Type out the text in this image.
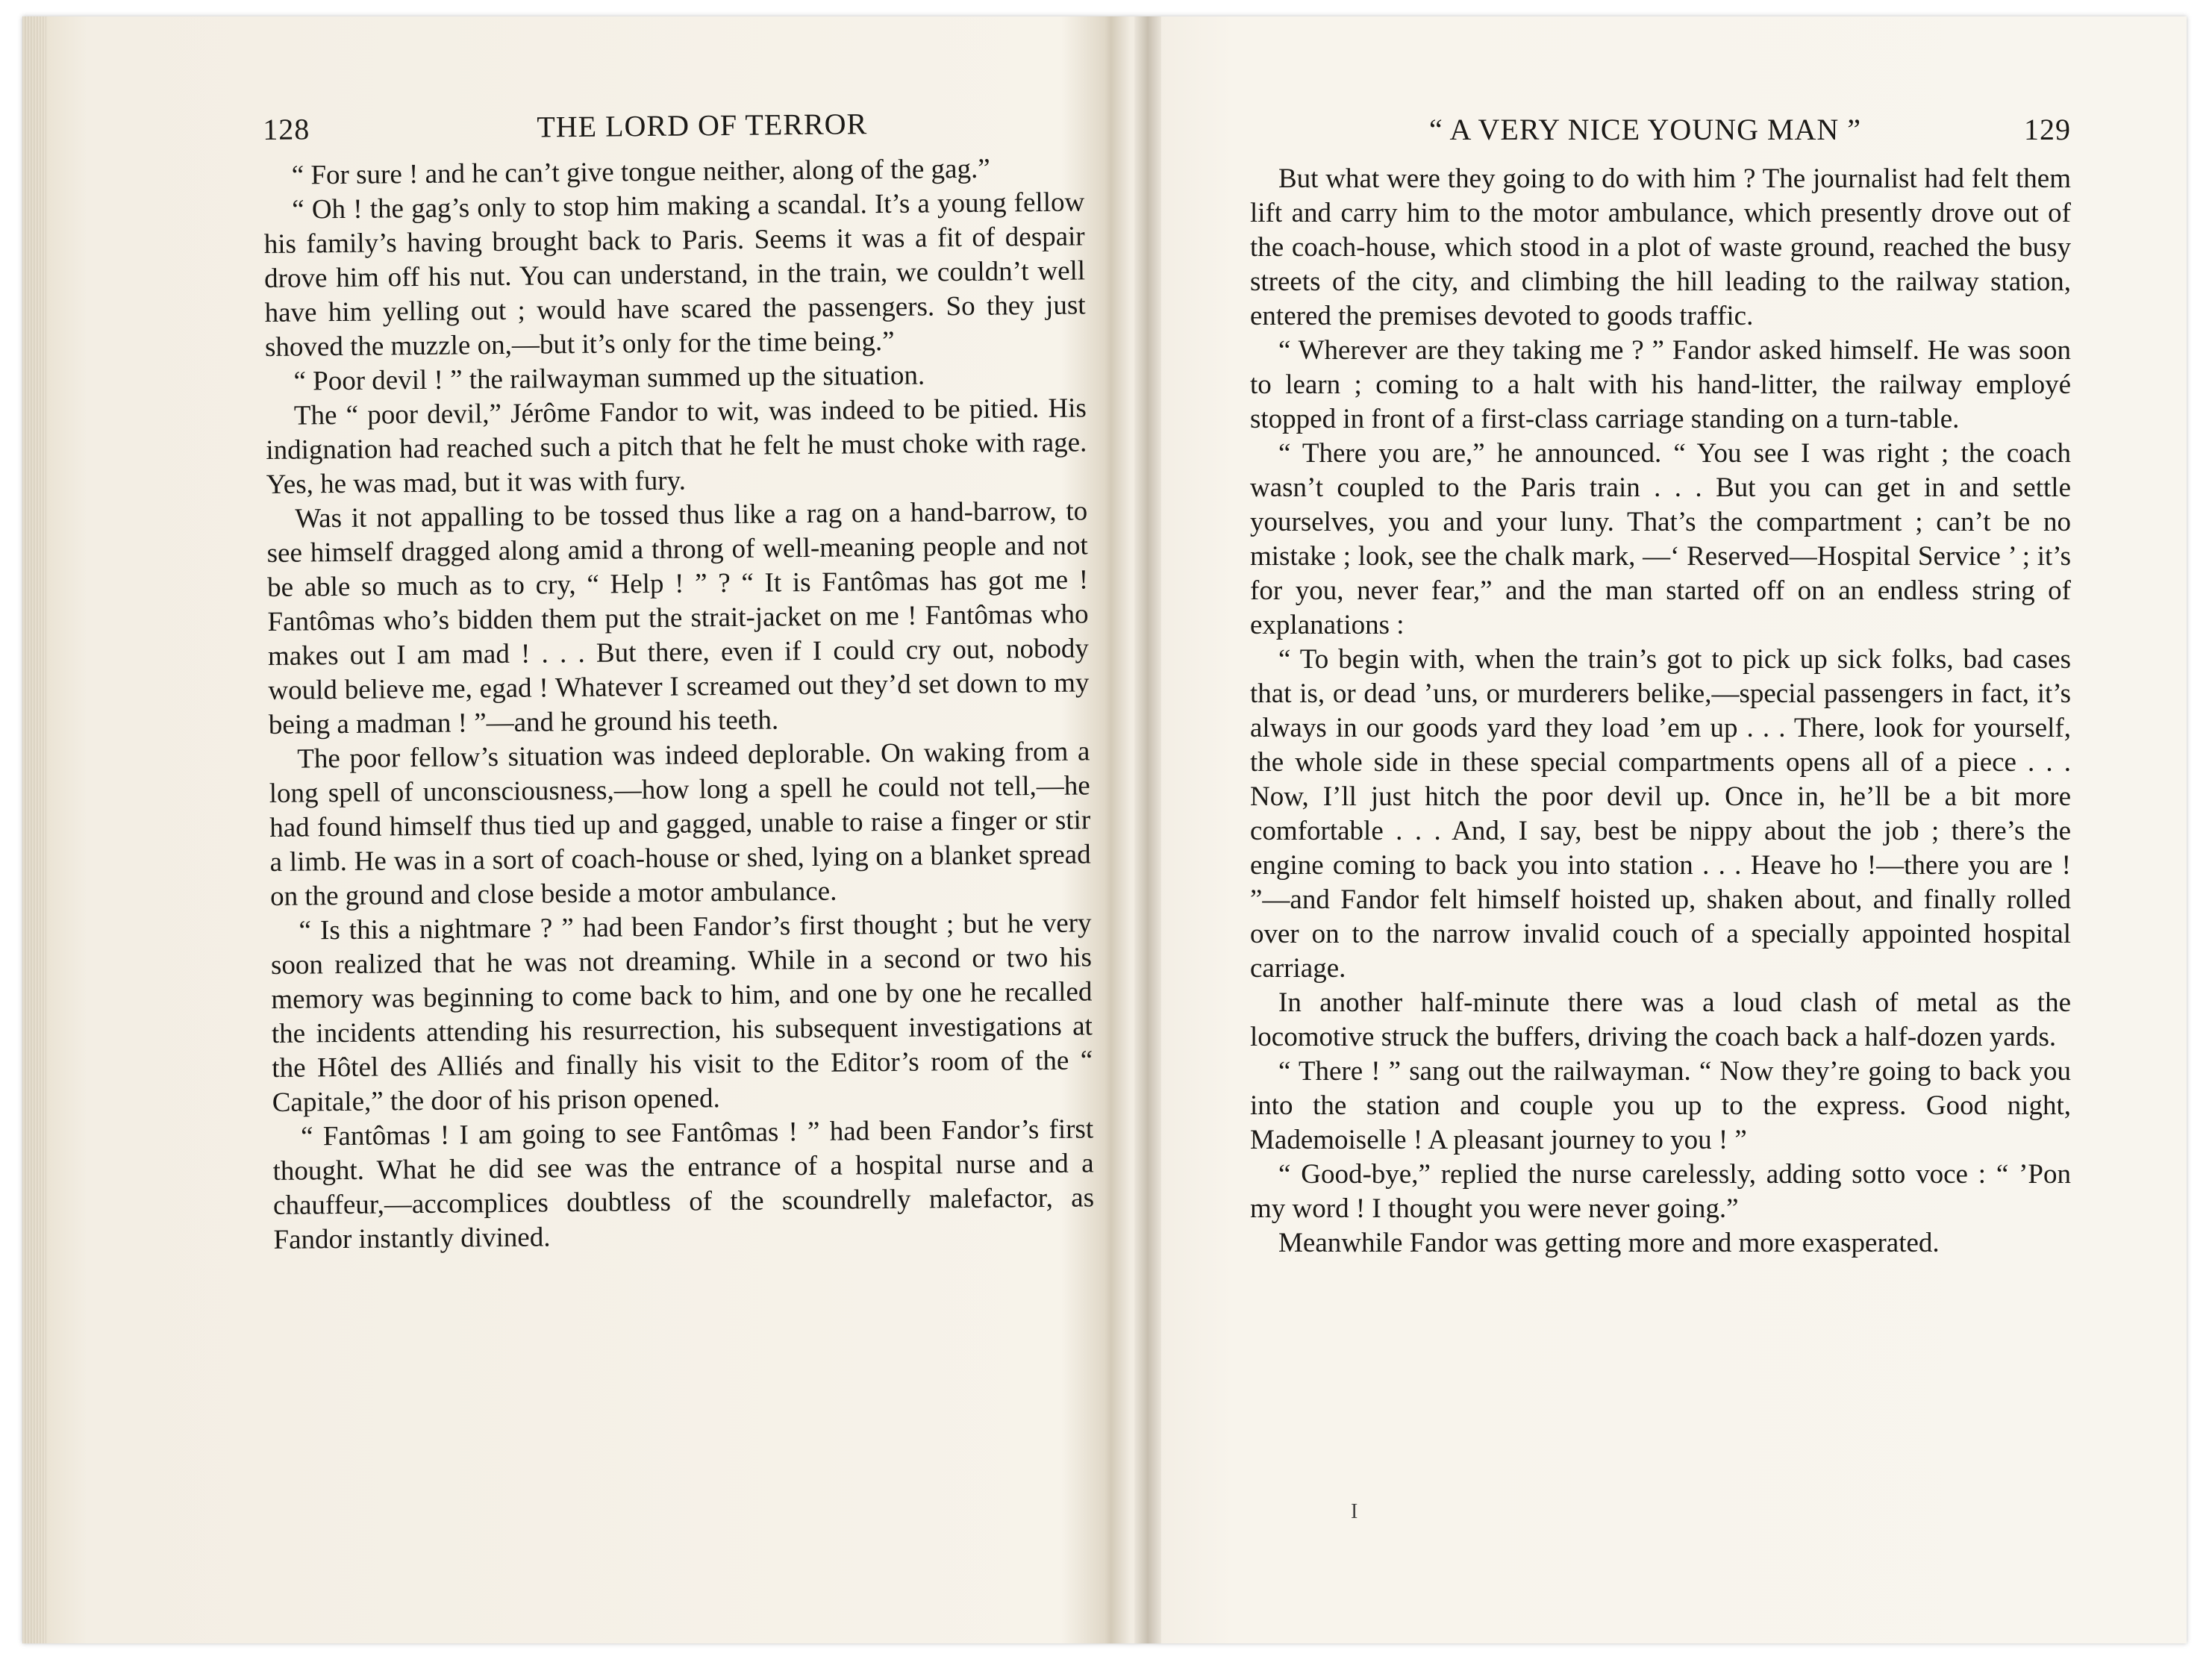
128	THE LORD OF TERROR

“ For sure ! and he can’t give tongue neither, along of the gag.”

“ Oh ! the gag’s only to stop him making a scandal. It’s a young fellow his family’s having brought back to Paris. Seems it was a fit of despair drove him off his nut. You can understand, in the train, we couldn’t well have him yelling out ; would have scared the passengers. So they just shoved the muzzle on,—but it’s only for the time being.”

“ Poor devil ! ” the railwayman summed up the situation.

The “ poor devil,” Jérôme Fandor to wit, was indeed to be pitied. His indignation had reached such a pitch that he felt he must choke with rage. Yes, he was mad, but it was with fury.

Was it not appalling to be tossed thus like a rag on a hand-barrow, to see himself dragged along amid a throng of well-meaning people and not be able so much as to cry, “ Help ! ” ? “ It is Fantômas has got me ! Fantômas who’s bidden them put the strait-jacket on me ! Fantômas who makes out I am mad ! . . . But there, even if I could cry out, nobody would believe me, egad ! Whatever I screamed out they’d set down to my being a madman ! ”—and he ground his teeth.

The poor fellow’s situation was indeed deplorable. On waking from a long spell of unconsciousness,—how long a spell he could not tell,—he had found himself thus tied up and gagged, unable to raise a finger or stir a limb. He was in a sort of coach-house or shed, lying on a blanket spread on the ground and close beside a motor ambulance.

“ Is this a nightmare ? ” had been Fandor’s first thought ; but he very soon realized that he was not dreaming. While in a second or two his memory was beginning to come back to him, and one by one he recalled the incidents attending his resurrection, his subsequent investigations at the Hôtel des Alliés and finally his visit to the Editor’s room of the “ Capitale,” the door of his prison opened.

“ Fantômas ! I am going to see Fantômas ! ” had been Fandor’s first thought. What he did see was the entrance of a hospital nurse and a chauffeur,—accomplices doubtless of the scoundrelly malefactor, as Fandor instantly divined.

“ A VERY NICE YOUNG MAN ”	129

But what were they going to do with him ? The journalist had felt them lift and carry him to the motor ambulance, which presently drove out of the coach-house, which stood in a plot of waste ground, reached the busy streets of the city, and climbing the hill leading to the railway station, entered the premises devoted to goods traffic.

“ Wherever are they taking me ? ” Fandor asked himself. He was soon to learn ; coming to a halt with his hand-litter, the railway employé stopped in front of a first-class carriage standing on a turn-table.

“ There you are,” he announced. “ You see I was right ; the coach wasn’t coupled to the Paris train . . . But you can get in and settle yourselves, you and your luny. That’s the compartment ; can’t be no mistake ; look, see the chalk mark, —‘ Reserved—Hospital Service ’ ; it’s for you, never fear,” and the man started off on an endless string of explanations :

“ To begin with, when the train’s got to pick up sick folks, bad cases that is, or dead ’uns, or murderers belike,—special passengers in fact, it’s always in our goods yard they load ’em up . . . There, look for yourself, the whole side in these special compartments opens all of a piece . . . Now, I’ll just hitch the poor devil up. Once in, he’ll be a bit more comfortable . . . And, I say, best be nippy about the job ; there’s the engine coming to back you into station . . . Heave ho !—there you are ! ”—and Fandor felt himself hoisted up, shaken about, and finally rolled over on to the narrow invalid couch of a specially appointed hospital carriage.

In another half-minute there was a loud clash of metal as the locomotive struck the buffers, driving the coach back a half-dozen yards.

“ There ! ” sang out the railwayman. “ Now they’re going to back you into the station and couple you up to the express. Good night, Mademoiselle ! A pleasant journey to you ! ”

“ Good-bye,” replied the nurse carelessly, adding sotto voce : “ ’Pon my word ! I thought you were never going.”

Meanwhile Fandor was getting more and more exasperated.

I
